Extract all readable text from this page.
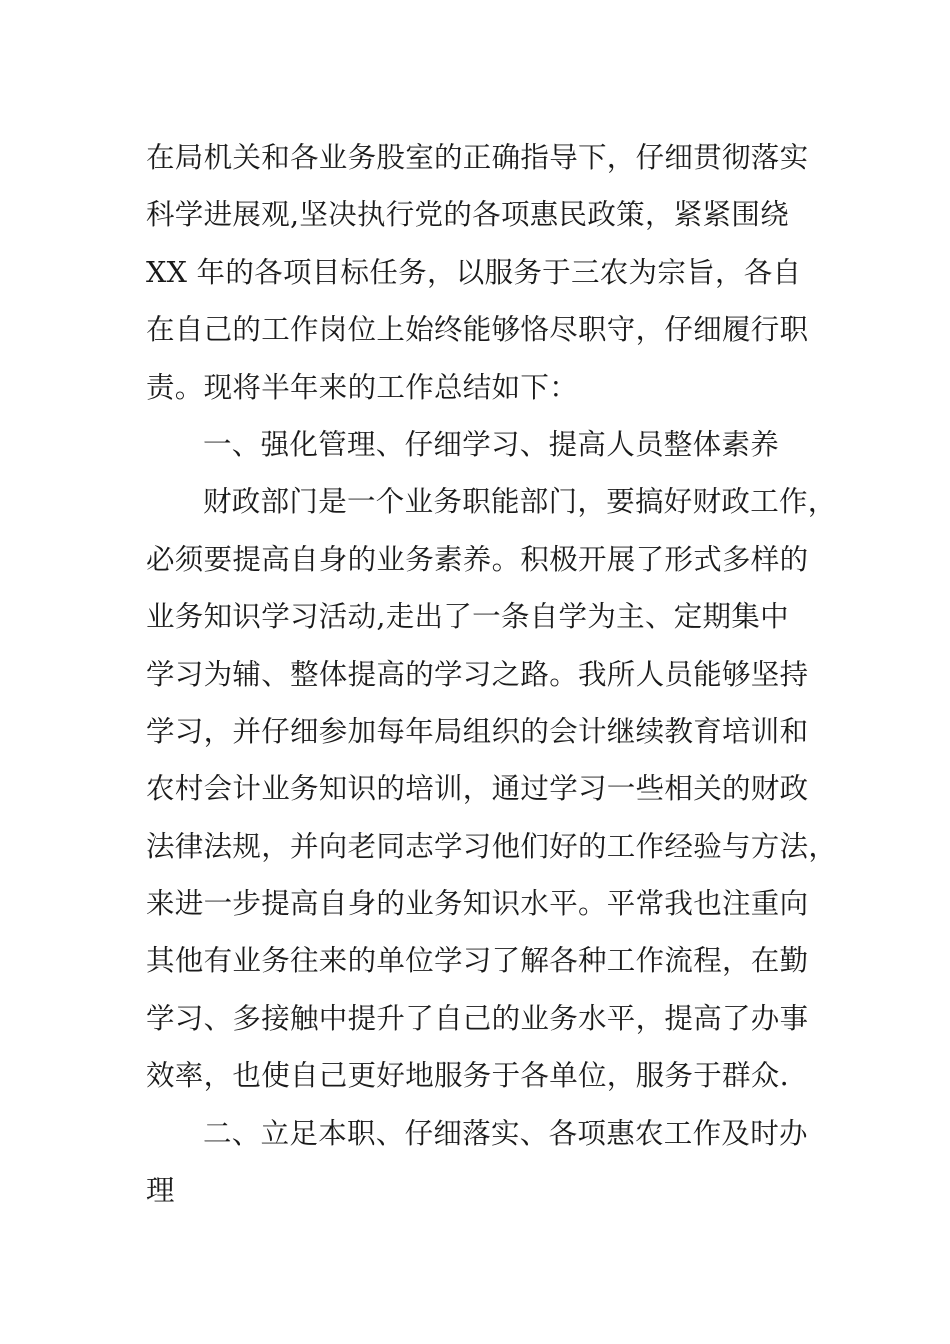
在局机关和各业务股室的正确指导下，仔细贯彻落实
科学进展观,坚决执行党的各项惠民政策，紧紧围绕
XX 年的各项目标任务，以服务于三农为宗旨，各自
在自己的工作岗位上始终能够恪尽职守，仔细履行职
责。现将半年来的工作总结如下：
一、强化管理、仔细学习、提高人员整体素养
财政部门是一个业务职能部门，要搞好财政工作，
必须要提高自身的业务素养。积极开展了形式多样的
业务知识学习活动,走出了一条自学为主、定期集中
学习为辅、整体提高的学习之路。我所人员能够坚持
学习，并仔细参加每年局组织的会计继续教育培训和
农村会计业务知识的培训，通过学习一些相关的财政
法律法规，并向老同志学习他们好的工作经验与方法，
来进一步提高自身的业务知识水平。平常我也注重向
其他有业务往来的单位学习了解各种工作流程，在勤
学习、多接触中提升了自己的业务水平，提高了办事
效率，也使自己更好地服务于各单位，服务于群众.
二、立足本职、仔细落实、各项惠农工作及时办
理
